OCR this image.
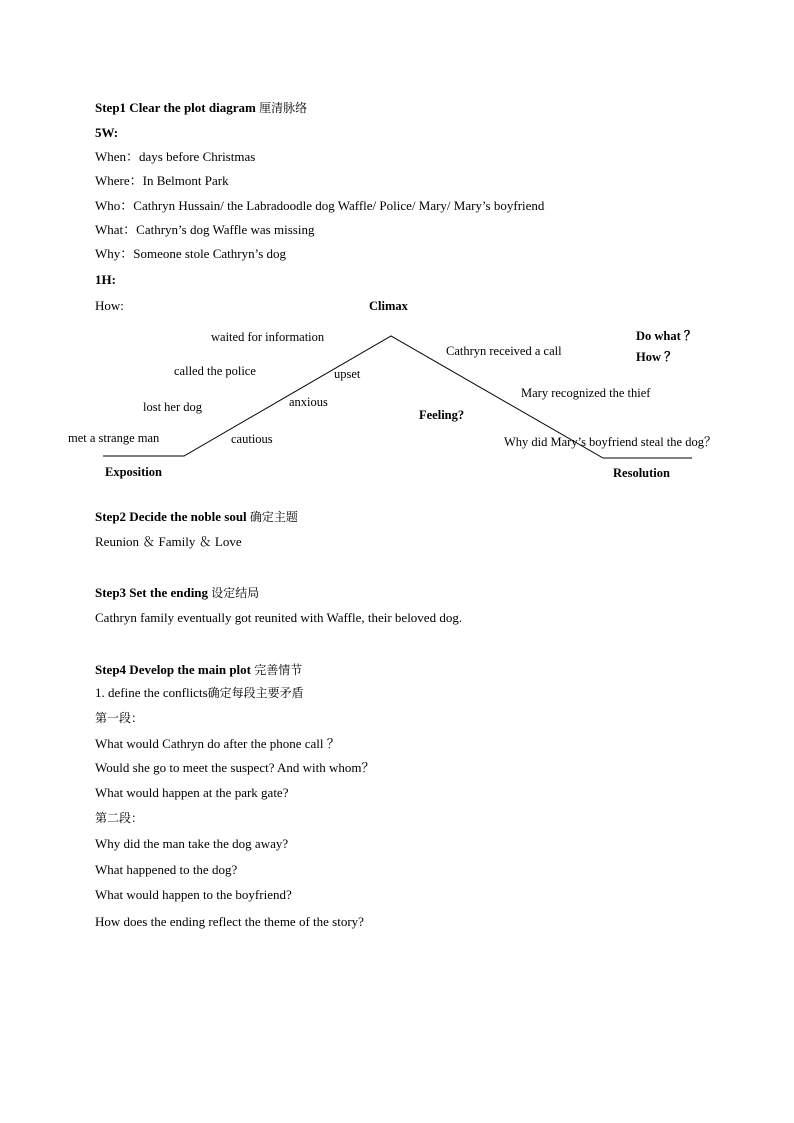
Step1 Clear the plot diagram 厘清脉络
5W:
When：days before Christmas
Where：In Belmont Park
Who：Cathryn Hussain/ the Labradoodle dog Waffle/ Police/ Mary/ Mary’s boyfriend
What：Cathryn’s dog Waffle was missing
Why：Someone stole Cathryn’s dog
1H:
How:	Climax
waited for information
called the police
lost her dog
met a strange man
upset
anxious
cautious
Exposition
Feeling?
Cathryn received a call
Mary recognized the thief
Why did Mary’s boyfriend steal the dog？
Do what ？
How ？
Resolution
Step2 Decide the noble soul 确定主题
Reunion ＆ Family ＆ Love
Step3 Set the ending 设定结局
Cathryn family eventually got reunited with Waffle, their beloved dog.
Step4 Develop the main plot 完善情节
1. define the conflicts确定每段主要矛盾
第一段：
What would Cathryn do after the phone call ？
Would she go to meet the suspect? And with whom？
What would happen at the park gate?
第二段：
Why did the man take the dog away?
What happened to the dog?
What would happen to the boyfriend?
How does the ending reflect the theme of the story?
